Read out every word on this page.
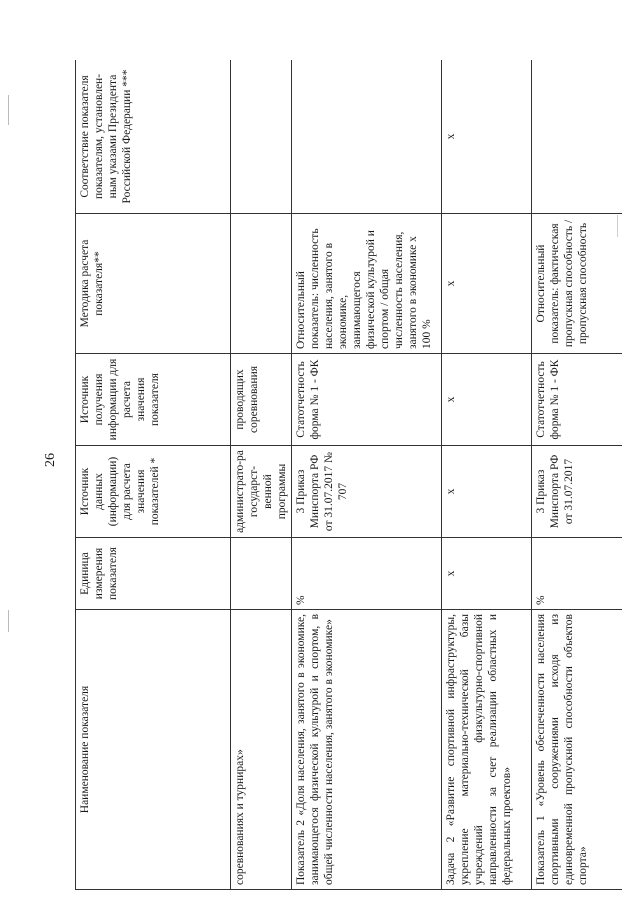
26
Наименование показателя	Единица измерения показателя	Источник данных (информации) для расчета значения показателей *	Источник получения информации для расчета значения показателя	Методика расчета показателя**	Соответствие показателя показателям, установлен-ным указами Президента Российской Федерации ***
соревнованиях и турнирах»		администрато-ра государст-венной программы	проводящих соревнования		
Показатель 2 «Доля населения, занятого в экономике, занимающегося физической культурой и спортом, в общей численности населения, занятого в экономике»	%	3 Приказ Минспорта РФ от 31.07.2017 № 707	Статотчетность форма № 1 - ФК	Относительный показатель: численность населения, занятого в экономике, занимающегося физической культурой и спортом / общая численность населения, занятого в экономике х 100 %	
Задача 2 «Развитие спортивной инфраструктуры, укрепление материально-технической базы учреждений физкультурно-спортивной направленности за счет реализации областных и федеральных проектов»	х	х	х	х	х
Показатель 1 «Уровень обеспеченности населения спортивными сооружениями исходя из единовременной пропускной способности объектов спорта»	%	3 Приказ Минспорта РФ от 31.07.2017	Статотчетность форма № 1 - ФК	Относительный показатель: фактическая пропускная способность / пропускная способность	
